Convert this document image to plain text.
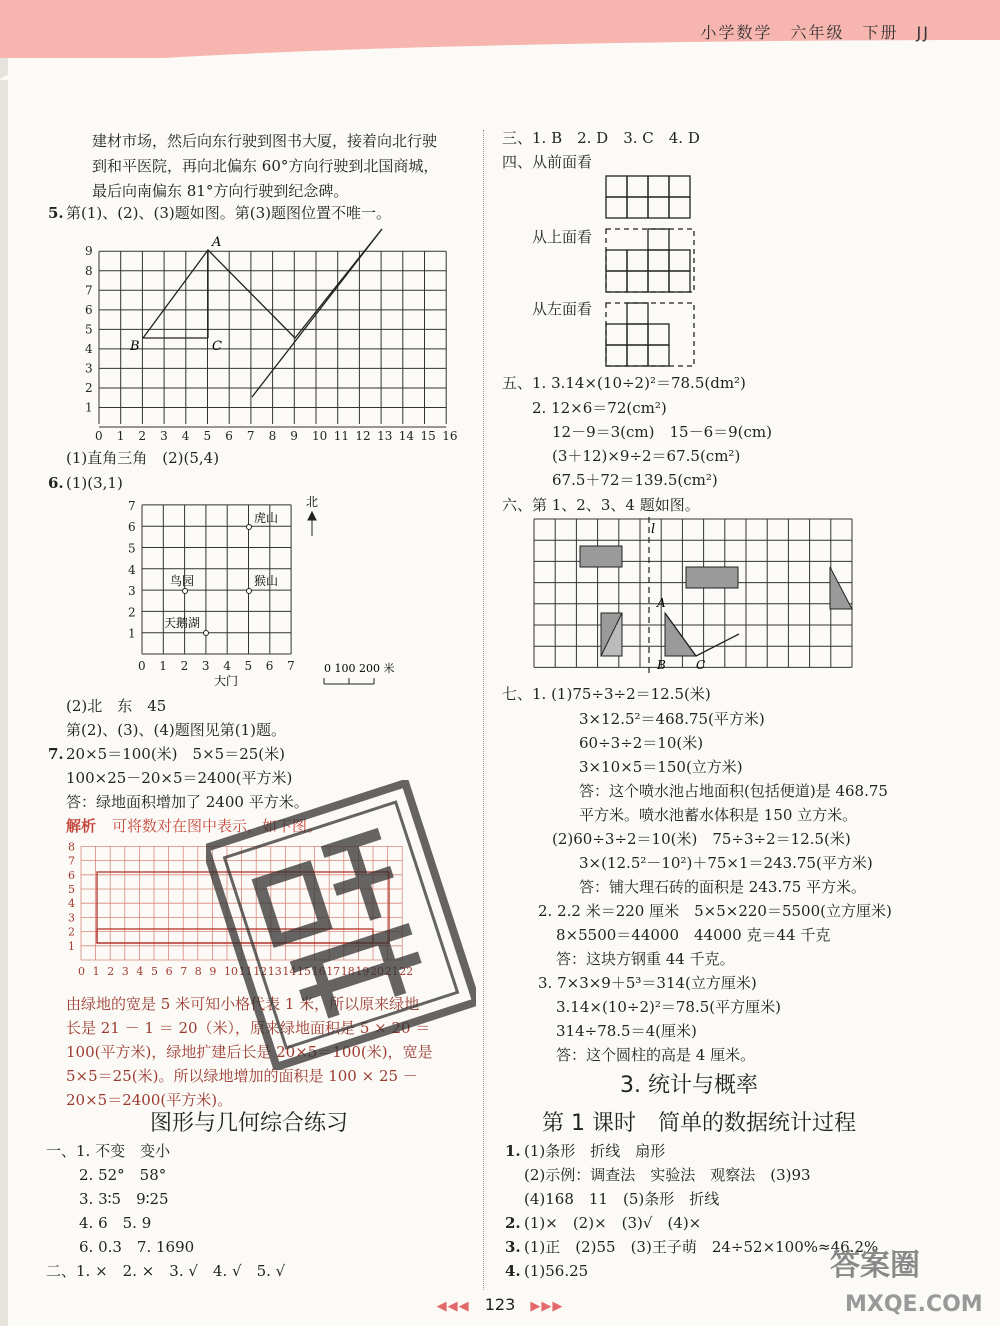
小学数学　六年级　下册　JJ
建材市场，然后向东行驶到图书大厦，接着向北行驶
到和平医院，再向北偏东 60°方向行驶到北国商城，
最后向南偏东 81°方向行驶到纪念碑。
5. 第(1)、(2)、(3)题如图。第(3)题图位置不唯一。
0 1 2 3 4 5 6 7 8 9 10 11 12 13 14 15 16
1
2
3
4
5
6
7
8
9
A
B	C
(1)直角三角　(2)(5,4)
6. (1)(3,1)
0 1 2 3 4 5 6 7
1
2
3
4
5
6
7
虎山
鸟园	猴山
天鹅湖
大门
北
0 100 200 米
(2)北　东　45
第(2)、(3)、(4)题图见第(1)题。
7. 20×5＝100(米)　5×5＝25(米)
100×25－20×5＝2400(平方米)
答：绿地面积增加了 2400 平方米。
解析 可将数对在图中表示，如下图。
0 1 2 3 4 5 6 7 8 9 10 11 12 13 14 15 16 17 18 19 20 21 22
1
2
3
4
5
6
7
8
由绿地的宽是 5 米可知小格代表 1 米，所以原来绿地
长是 21 － 1 ＝ 20（米），原来绿地面积是 5 × 20 ＝
100(平方米)，绿地扩建后长是 20×5＝100(米)，宽是
5×5＝25(米)。所以绿地增加的面积是 100 × 25 －
20×5＝2400(平方米)。
图形与几何综合练习
一、1. 不变　变小
2. 52°　58°
3. 3∶5　9∶25
4. 6　5. 9
6. 0.3　7. 1690
二、1. ×　2. ×　3. √　4. √　5. √
三、1. B　2. D　3. C　4. D
四、从前面看
从上面看
从左面看
五、1. 3.14×(10÷2)²＝78.5(dm²)
2. 12×6＝72(cm²)
12－9＝3(cm)　15－6＝9(cm)
(3＋12)×9÷2＝67.5(cm²)
67.5＋72＝139.5(cm²)
六、第 1、2、3、4 题如图。
l
A
B	C
七、1. (1)75÷3÷2＝12.5(米)
3×12.5²＝468.75(平方米)
60÷3÷2＝10(米)
3×10×5＝150(立方米)
答：这个喷水池占地面积(包括便道)是 468.75
平方米。喷水池蓄水体积是 150 立方米。
(2)60÷3÷2＝10(米)　75÷3÷2＝12.5(米)
3×(12.5²－10²)＋75×1＝243.75(平方米)
答：铺大理石砖的面积是 243.75 平方米。
2. 2.2 米＝220 厘米　5×5×220＝5500(立方厘米)
8×5500＝44000　44000 克＝44 千克
答：这块方钢重 44 千克。
3. 7×3×9＋5³＝314(立方厘米)
3.14×(10÷2)²＝78.5(平方厘米)
314÷78.5＝4(厘米)
答：这个圆柱的高是 4 厘米。
3. 统计与概率
第 1 课时　简单的数据统计过程
1. (1)条形　折线　扇形
(2)示例：调查法　实验法　观察法　(3)93
(4)168　11　(5)条形　折线
2. (1)×　(2)×　(3)√　(4)×
3. (1)正　(2)55　(3)王子萌　24÷52×100%≈46.2%
4. (1)56.25
◀◀◀ 123 ▶▶▶
答案圈
MXQE.COM
